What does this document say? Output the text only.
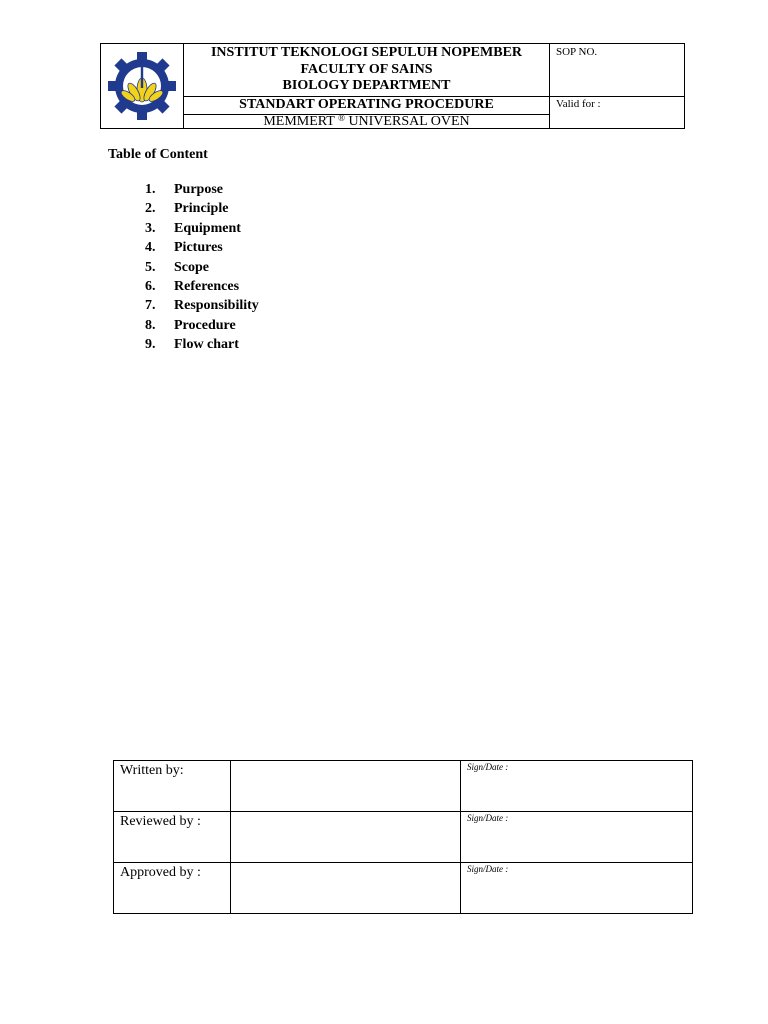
INSTITUT TEKNOLOGI SEPULUH NOPEMBER
FACULTY OF SAINS
BIOLOGY DEPARTMENT
STANDART OPERATING PROCEDURE
MEMMERT ® UNIVERSAL OVEN
SOP NO.
Valid for :
Table of Content
1.	Purpose
2.	Principle
3.	Equipment
4.	Pictures
5.	Scope
6.	References
7.	Responsibility
8.	Procedure
9.	Flow chart
Written by:		Sign/Date :

Reviewed by :		Sign/Date :

Approved by :		Sign/Date :
